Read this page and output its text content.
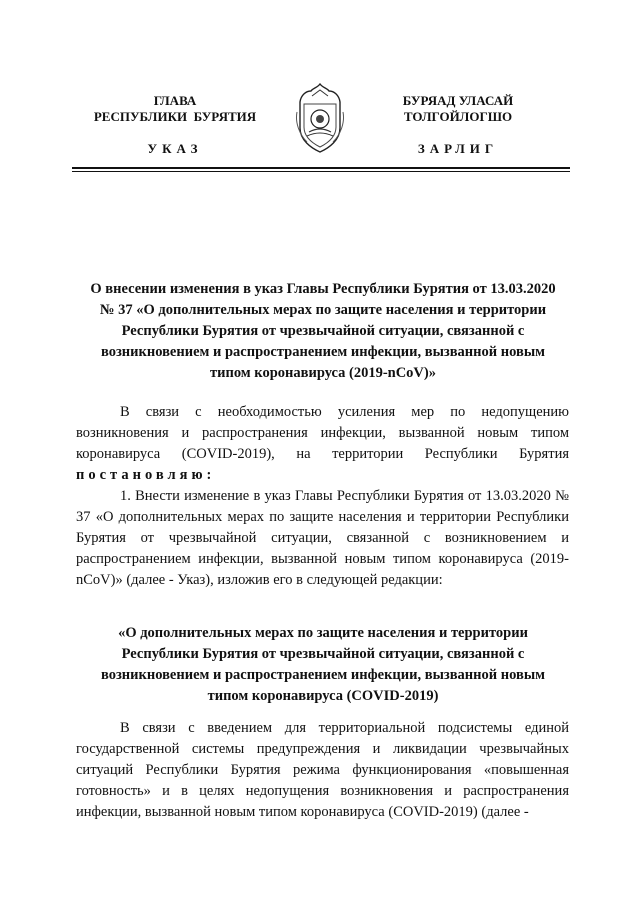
ГЛАВА
РЕСПУБЛИКИ  БУРЯТИЯ
БУРЯАД УЛАСАЙ
ТОЛГОЙЛОГШО
УКАЗ	ЗАРЛИГ
О внесении изменения в указ Главы Республики Бурятия от 13.03.2020 № 37 «О дополнительных мерах по защите населения и территории Республики Бурятия от чрезвычайной ситуации, связанной с возникновением и распространением инфекции, вызванной новым типом коронавируса (2019-nCoV)»

В связи с необходимостью усиления мер по недопущению возникновения и распространения инфекции, вызванной новым типом коронавируса (COVID-2019), на территории Республики Бурятия постановляю:

1. Внести изменение в указ Главы Республики Бурятия от 13.03.2020 № 37 «О дополнительных мерах по защите населения и территории Республики Бурятия от чрезвычайной ситуации, связанной с возникновением и распространением инфекции, вызванной новым типом коронавируса (2019-nCoV)» (далее - Указ), изложив его в следующей редакции:

«О дополнительных мерах по защите населения и территории Республики Бурятия от чрезвычайной ситуации, связанной с возникновением и распространением инфекции, вызванной новым типом коронавируса (COVID-2019)

В связи с введением для территориальной подсистемы единой государственной системы предупреждения и ликвидации чрезвычайных ситуаций Республики Бурятия режима функционирования «повышенная готовность» и в целях недопущения возникновения и распространения инфекции, вызванной новым типом коронавируса (COVID-2019) (далее -
